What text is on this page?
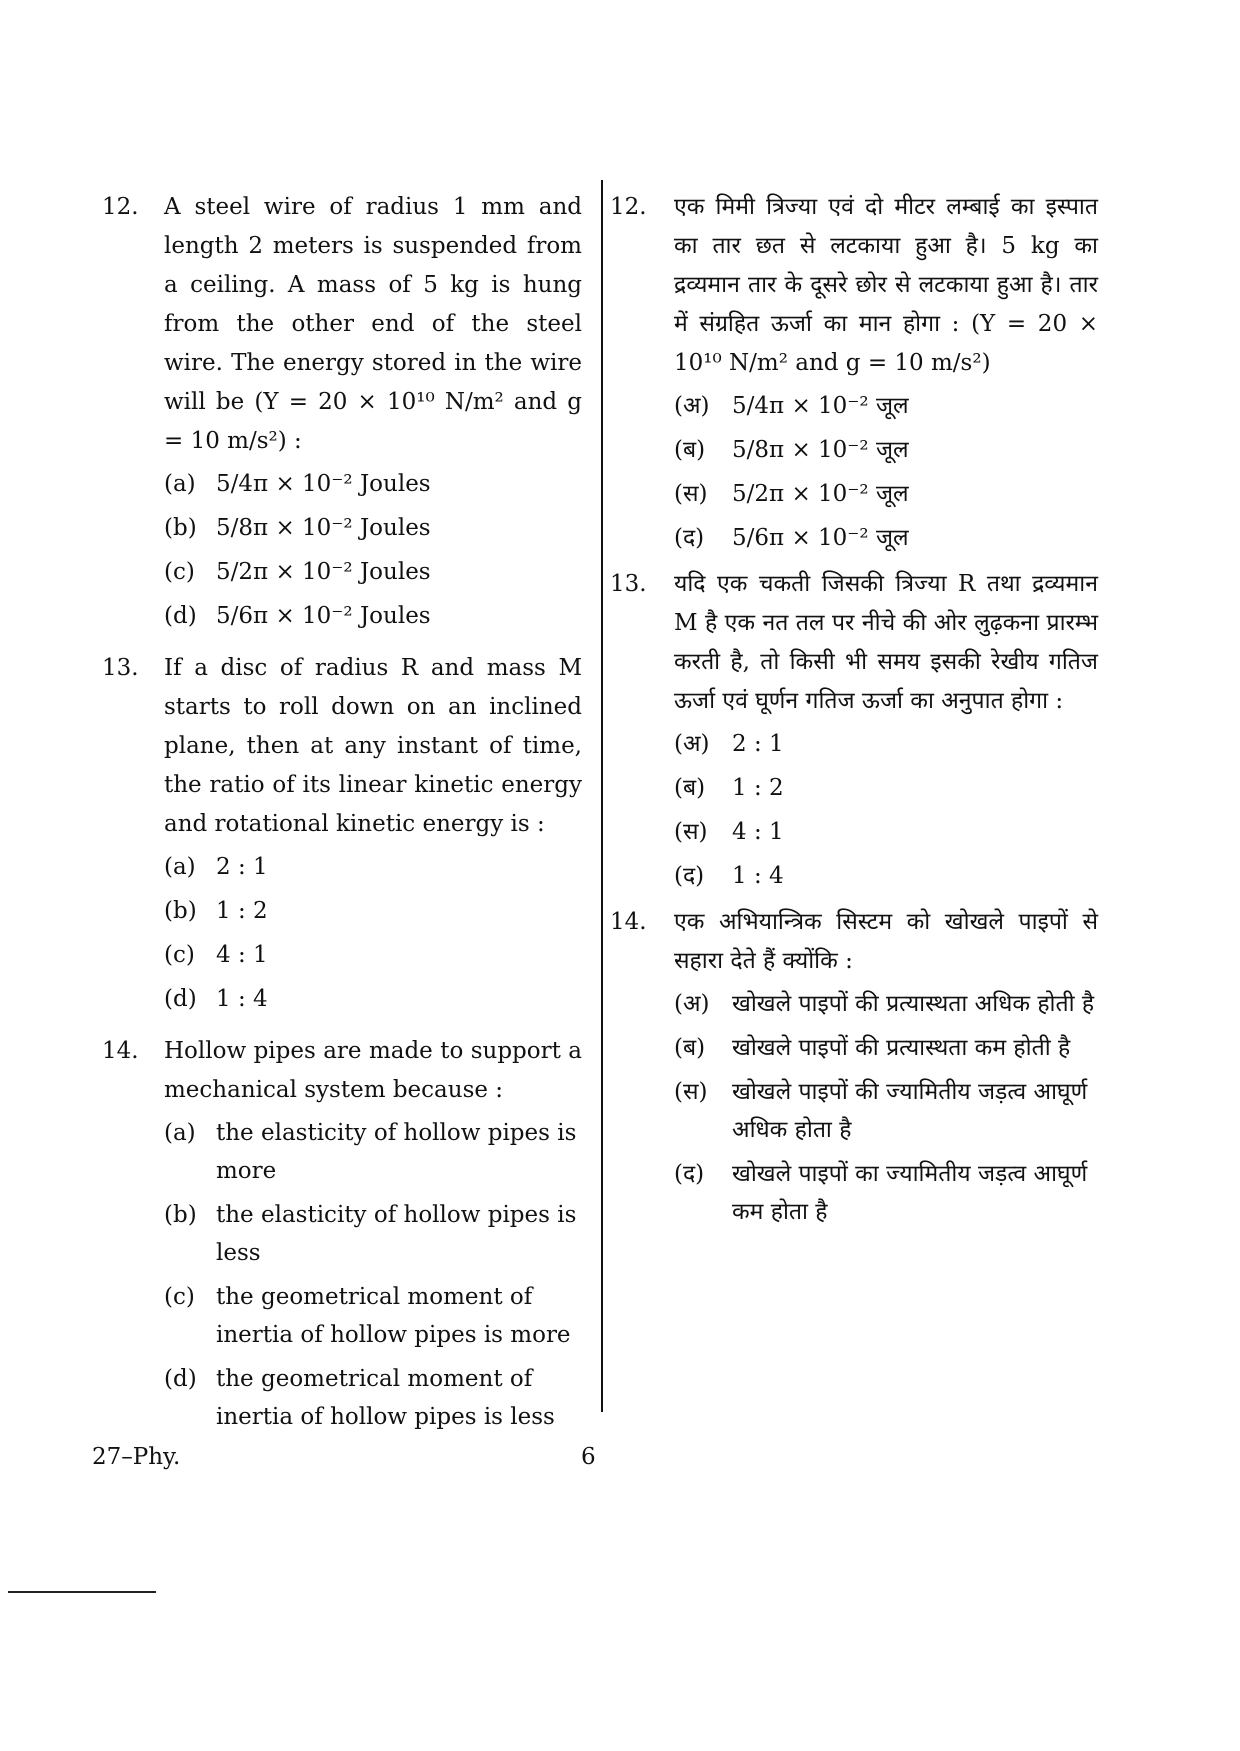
12. A steel wire of radius 1 mm and length 2 meters is suspended from a ceiling. A mass of 5 kg is hung from the other end of the steel wire. The energy stored in the wire will be (Y = 20 × 10¹⁰ N/m² and g = 10 m/s²) :
(a) 5/4π × 10⁻² Joules
(b) 5/8π × 10⁻² Joules
(c) 5/2π × 10⁻² Joules
(d) 5/6π × 10⁻² Joules
13. If a disc of radius R and mass M starts to roll down on an inclined plane, then at any instant of time, the ratio of its linear kinetic energy and rotational kinetic energy is :
(a) 2 : 1
(b) 1 : 2
(c) 4 : 1
(d) 1 : 4
14. Hollow pipes are made to support a mechanical system because :
(a) the elasticity of hollow pipes is more
(b) the elasticity of hollow pipes is less
(c) the geometrical moment of inertia of hollow pipes is more
(d) the geometrical moment of inertia of hollow pipes is less
12. एक मिमी त्रिज्या एवं दो मीटर लम्बाई का इस्पात का तार छत से लटकाया हुआ है। 5 kg का द्रव्यमान तार के दूसरे छोर से लटकाया हुआ है। तार में संग्रहित ऊर्जा का मान होगा : (Y = 20 × 10¹⁰ N/m² and g = 10 m/s²)
(अ) 5/4π × 10⁻² जूल
(ब) 5/8π × 10⁻² जूल
(स) 5/2π × 10⁻² जूल
(द) 5/6π × 10⁻² जूल
13. यदि एक चकती जिसकी त्रिज्या R तथा द्रव्यमान M है एक नत तल पर नीचे की ओर लुढ़कना प्रारम्भ करती है, तो किसी भी समय इसकी रेखीय गतिज ऊर्जा एवं घूर्णन गतिज ऊर्जा का अनुपात होगा :
(अ) 2 : 1
(ब) 1 : 2
(स) 4 : 1
(द) 1 : 4
14. एक अभियान्त्रिक सिस्टम को खोखले पाइपों से सहारा देते हैं क्योंकि :
(अ) खोखले पाइपों की प्रत्यास्थता अधिक होती है
(ब) खोखले पाइपों की प्रत्यास्थता कम होती है
(स) खोखले पाइपों की ज्यामितीय जड़त्व आघूर्ण अधिक होता है
(द) खोखले पाइपों का ज्यामितीय जड़त्व आघूर्ण कम होता है
27–Phy.	6
